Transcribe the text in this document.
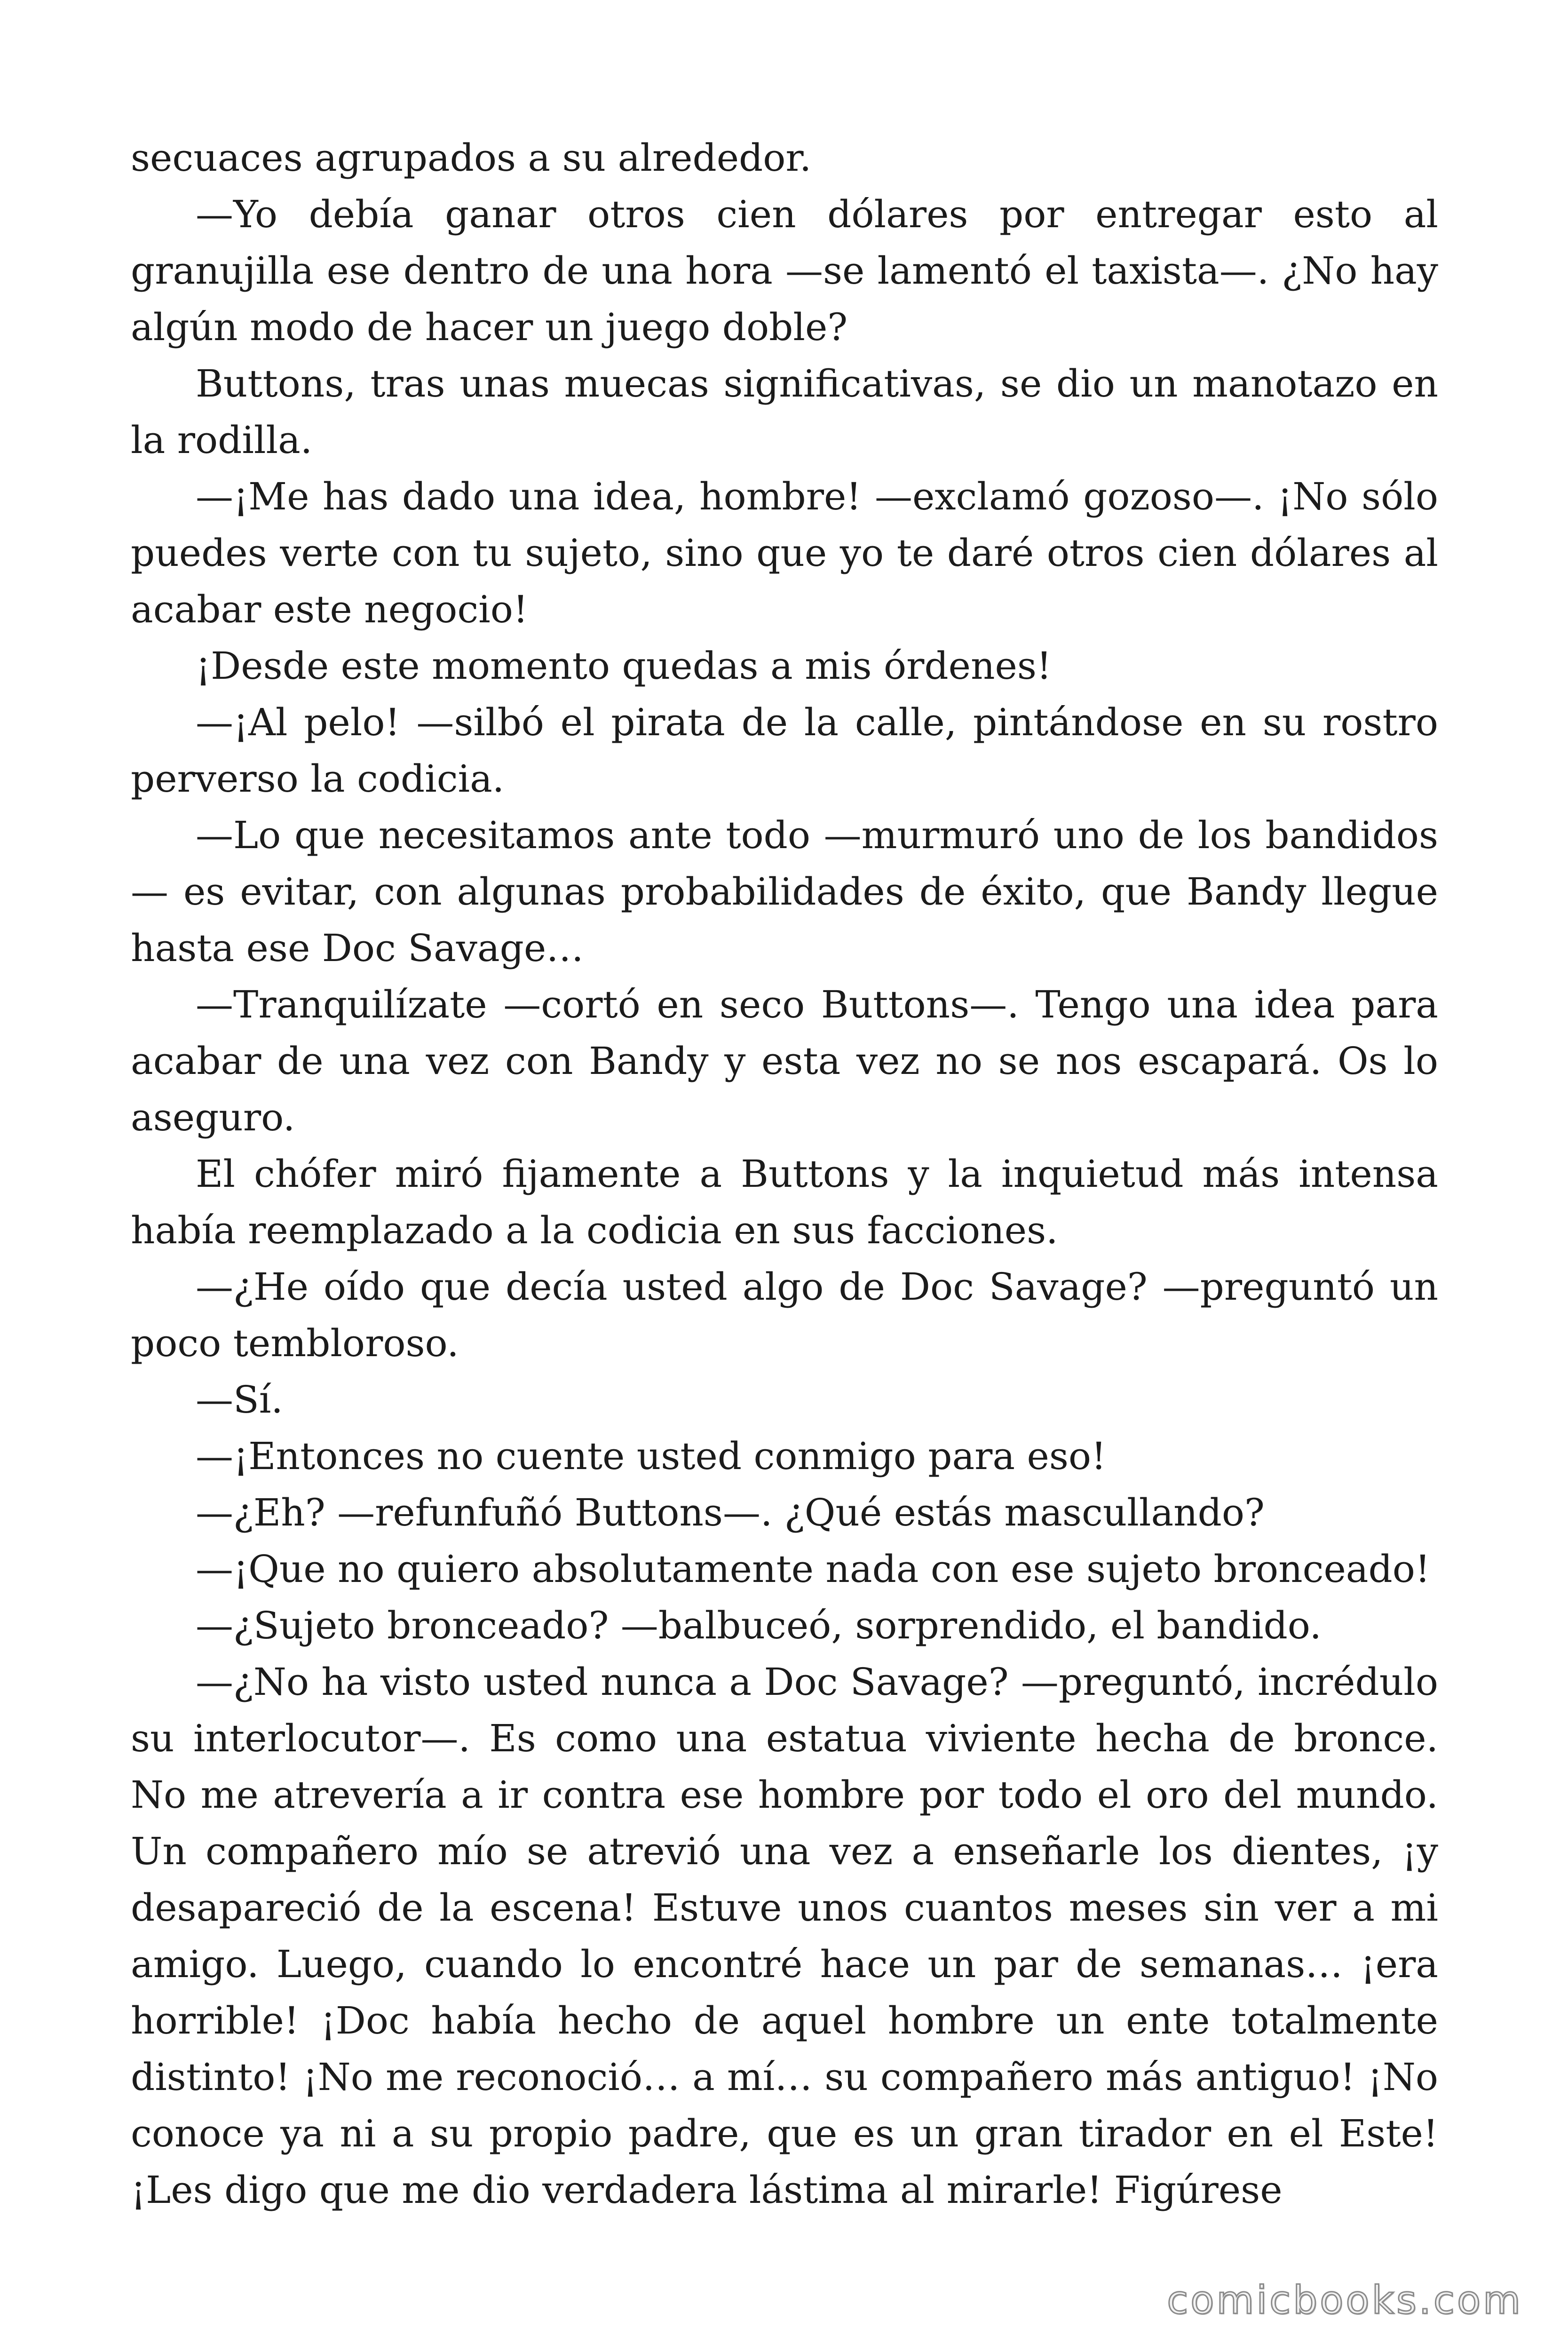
secuaces agrupados a su alrededor.

—Yo debía ganar otros cien dólares por entregar esto al granujilla ese dentro de una hora —se lamentó el taxista—. ¿No hay algún modo de hacer un juego doble?

Buttons, tras unas muecas significativas, se dio un manotazo en la rodilla.

—¡Me has dado una idea, hombre! —exclamó gozoso—. ¡No sólo puedes verte con tu sujeto, sino que yo te daré otros cien dólares al acabar este negocio!

¡Desde este momento quedas a mis órdenes!

—¡Al pelo! —silbó el pirata de la calle, pintándose en su rostro perverso la codicia.

—Lo que necesitamos ante todo —murmuró uno de los bandidos — es evitar, con algunas probabilidades de éxito, que Bandy llegue hasta ese Doc Savage…

—Tranquilízate —cortó en seco Buttons—. Tengo una idea para acabar de una vez con Bandy y esta vez no se nos escapará. Os lo aseguro.

El chófer miró fijamente a Buttons y la inquietud más intensa había reemplazado a la codicia en sus facciones.

—¿He oído que decía usted algo de Doc Savage? —preguntó un poco tembloroso.

—Sí.

—¡Entonces no cuente usted conmigo para eso!

—¿Eh? —refunfuñó Buttons—. ¿Qué estás mascullando?

—¡Que no quiero absolutamente nada con ese sujeto bronceado!

—¿Sujeto bronceado? —balbuceó, sorprendido, el bandido.

—¿No ha visto usted nunca a Doc Savage? —preguntó, incrédulo su interlocutor—. Es como una estatua viviente hecha de bronce. No me atrevería a ir contra ese hombre por todo el oro del mundo. Un compañero mío se atrevió una vez a enseñarle los dientes, ¡y desapareció de la escena! Estuve unos cuantos meses sin ver a mi amigo. Luego, cuando lo encontré hace un par de semanas… ¡era horrible! ¡Doc había hecho de aquel hombre un ente totalmente distinto! ¡No me reconoció… a mí… su compañero más antiguo! ¡No conoce ya ni a su propio padre, que es un gran tirador en el Este! ¡Les digo que me dio verdadera lástima al mirarle! Figúrese

comicbooks.com
